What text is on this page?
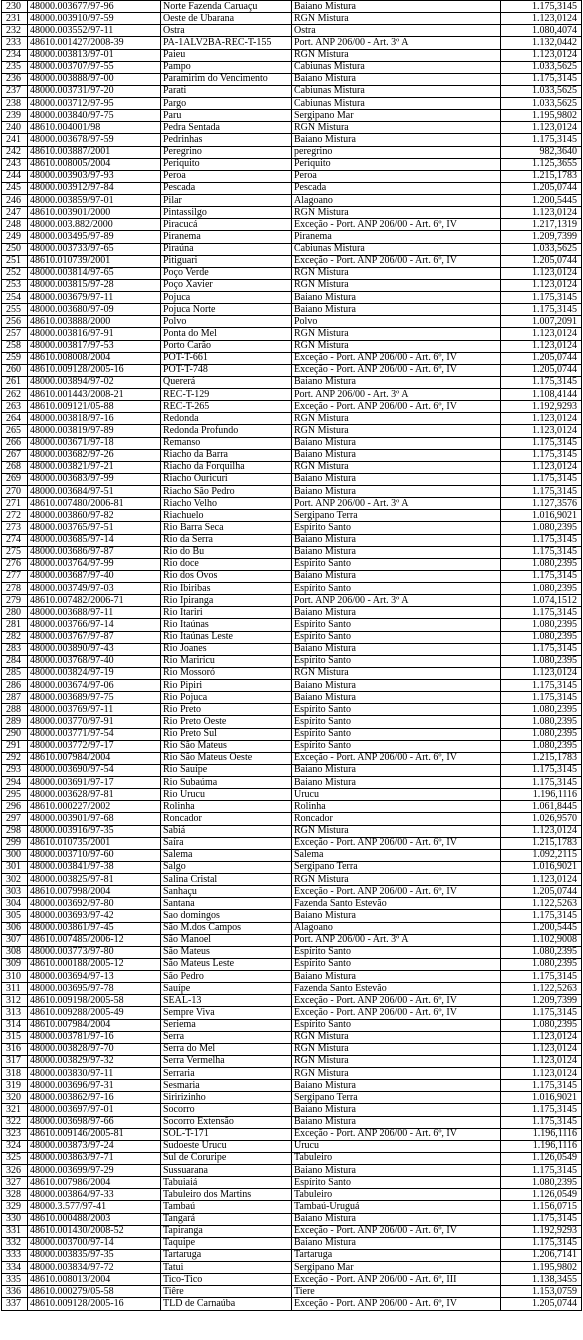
230	48000.003677/97-96	Norte Fazenda Caruaçu	Baiano Mistura	1.175,3145
231	48000.003910/97-59	Oeste de Ubarana	RGN Mistura	1.123,0124
232	48000.003552/97-11	Ostra	Ostra	1.080,4074
233	48610.001427/2008-39	PA-1ALV2BA-REC-T-155	Port. ANP 206/00 - Art. 3º A	1.132,0442
234	48000.003813/97-01	Paieu	RGN Mistura	1.123,0124
235	48000.003707/97-55	Pampo	Cabiunas Mistura	1.033,5625
236	48000.003888/97-00	Paramirim do Vencimento	Baiano Mistura	1.175,3145
237	48000.003731/97-20	Parati	Cabiunas Mistura	1.033,5625
238	48000.003712/97-95	Pargo	Cabiunas Mistura	1.033,5625
239	48000.003840/97-75	Paru	Sergipano Mar	1.195,9802
240	48610.004001/98	Pedra Sentada	RGN Mistura	1.123,0124
241	48000.003678/97-59	Pedrinhas	Baiano Mistura	1.175,3145
242	48610.003887/2001	Peregrino	peregrino	982,3640
243	48610.008005/2004	Periquito	Periquito	1.125,3655
244	48000.003903/97-93	Peroa	Peroa	1.215,1783
245	48000.003912/97-84	Pescada	Pescada	1.205,0744
246	48000.003859/97-01	Pilar	Alagoano	1.200,5445
247	48610.003901/2000	Pintassilgo	RGN Mistura	1.123,0124
248	48000.003.882/2000	Piracucá	Exceção - Port. ANP 206/00 - Art. 6º, IV	1.217,1319
249	48000.003495/97-89	Piranema	Piranema	1.209,7399
250	48000.003733/97-65	Piraúna	Cabiunas Mistura	1.033,5625
251	48610.010739/2001	Pitiguari	Exceção - Port. ANP 206/00 - Art. 6º, IV	1.205,0744
252	48000.003814/97-65	Poço Verde	RGN Mistura	1.123,0124
253	48000.003815/97-28	Poço Xavier	RGN Mistura	1.123,0124
254	48000.003679/97-11	Pojuca	Baiano Mistura	1.175,3145
255	48000.003680/97-09	Pojuca Norte	Baiano Mistura	1.175,3145
256	48610.003888/2000	Polvo	Polvo	1.007,2091
257	48000.003816/97-91	Ponta do Mel	RGN Mistura	1.123,0124
258	48000.003817/97-53	Porto Carão	RGN Mistura	1.123,0124
259	48610.008008/2004	POT-T-661	Exceção - Port. ANP 206/00 - Art. 6º, IV	1.205,0744
260	48610.009128/2005-16	POT-T-748	Exceção - Port. ANP 206/00 - Art. 6º, IV	1.205,0744
261	48000.003894/97-02	Quererá	Baiano Mistura	1.175,3145
262	48610.001443/2008-21	REC-T-129	Port. ANP 206/00 - Art. 3º A	1.108,4144
263	48610.009121/05-88	REC-T-265	Exceção - Port. ANP 206/00 - Art. 6º, IV	1.192,9293
264	48000.003818/97-16	Redonda	RGN Mistura	1.123,0124
265	48000.003819/97-89	Redonda Profundo	RGN Mistura	1.123,0124
266	48000.003671/97-18	Remanso	Baiano Mistura	1.175,3145
267	48000.003682/97-26	Riacho da Barra	Baiano Mistura	1.175,3145
268	48000.003821/97-21	Riacho da Forquilha	RGN Mistura	1.123,0124
269	48000.003683/97-99	Riacho Ouricuri	Baiano Mistura	1.175,3145
270	48000.003684/97-51	Riacho São Pedro	Baiano Mistura	1.175,3145
271	48610.007480/2006-81	Riacho Velho	Port. ANP 206/00 - Art. 3º A	1.127,3576
272	48000.003860/97-82	Riachuelo	Sergipano Terra	1.016,9021
273	48000.003765/97-51	Rio Barra Seca	Espírito Santo	1.080,2395
274	48000.003685/97-14	Rio da Serra	Baiano Mistura	1.175,3145
275	48000.003686/97-87	Rio do Bu	Baiano Mistura	1.175,3145
276	48000.003764/97-99	Rio doce	Espírito Santo	1.080,2395
277	48000.003687/97-40	Rio dos Ovos	Baiano Mistura	1.175,3145
278	48000.003749/97-03	Rio Ibiribas	Espírito Santo	1.080,2395
279	48610.007482/2006-71	Rio Ipiranga	Port. ANP 206/00 - Art. 3º A	1.074,1512
280	48000.003688/97-11	Rio Itariri	Baiano Mistura	1.175,3145
281	48000.003766/97-14	Rio Itaúnas	Espírito Santo	1.080,2395
282	48000.003767/97-87	Rio Itaúnas Leste	Espírito Santo	1.080,2395
283	48000.003890/97-43	Rio Joanes	Baiano Mistura	1.175,3145
284	48000.003768/97-40	Rio Mariricu	Espírito Santo	1.080,2395
285	48000.003824/97-19	Rio Mossoró	RGN Mistura	1.123,0124
286	48000.003674/97-06	Rio Pipiri	Baiano Mistura	1.175,3145
287	48000.003689/97-75	Rio Pojuca	Baiano Mistura	1.175,3145
288	48000.003769/97-11	Rio Preto	Espírito Santo	1.080,2395
289	48000.003770/97-91	Rio Preto Oeste	Espírito Santo	1.080,2395
290	48000.003771/97-54	Rio Preto Sul	Espírito Santo	1.080,2395
291	48000.003772/97-17	Rio São Mateus	Espírito Santo	1.080,2395
292	48610.007984/2004	Rio São Mateus Oeste	Exceção - Port. ANP 206/00 - Art. 6º, IV	1.215,1783
293	48000.003690/97-54	Rio Sauípe	Baiano Mistura	1.175,3145
294	48000.003691/97-17	Rio Subaúma	Baiano Mistura	1.175,3145
295	48000.003628/97-81	Rio Urucu	Urucu	1.196,1116
296	48610.000227/2002	Rolinha	Rolinha	1.061,8445
297	48000.003901/97-68	Roncador	Roncador	1.026,9570
298	48000.003916/97-35	Sabiá	RGN Mistura	1.123,0124
299	48610.010735/2001	Saíra	Exceção - Port. ANP 206/00 - Art. 6º, IV	1.215,1783
300	48000.003710/97-60	Salema	Salema	1.092,2115
301	48000.003841/97-38	Salgo	Sergipano Terra	1.016,9021
302	48000.003825/97-81	Salina Cristal	RGN Mistura	1.123,0124
303	48610.007998/2004	Sanhaçu	Exceção - Port. ANP 206/00 - Art. 6º, IV	1.205,0744
304	48000.003692/97-80	Santana	Fazenda Santo Estevão	1.122,5263
305	48000.003693/97-42	Sao domingos	Baiano Mistura	1.175,3145
306	48000.003861/97-45	São M.dos Campos	Alagoano	1.200,5445
307	48610.007485/2006-12	São Manoel	Port. ANP 206/00 - Art. 3º A	1.102,9008
308	48000.003773/97-80	São Mateus	Espírito Santo	1.080,2395
309	48610.000188/2005-12	São Mateus Leste	Espírito Santo	1.080,2395
310	48000.003694/97-13	São Pedro	Baiano Mistura	1.175,3145
311	48000.003695/97-78	Sauípe	Fazenda Santo Estevão	1.122,5263
312	48610.009198/2005-58	SEAL-13	Exceção - Port. ANP 206/00 - Art. 6º, IV	1.209,7399
313	48610.009288/2005-49	Sempre Viva	Exceção - Port. ANP 206/00 - Art. 6º, IV	1.175,3145
314	48610.007984/2004	Seriema	Espírito Santo	1.080,2395
315	48000.003781/97-16	Serra	RGN Mistura	1.123,0124
316	48000.003828/97-70	Serra do Mel	RGN Mistura	1.123,0124
317	48000.003829/97-32	Serra Vermelha	RGN Mistura	1.123,0124
318	48000.003830/97-11	Serraria	RGN Mistura	1.123,0124
319	48000.003696/97-31	Sesmaria	Baiano Mistura	1.175,3145
320	48000.003862/97-16	Siririzinho	Sergipano Terra	1.016,9021
321	48000.003697/97-01	Socorro	Baiano Mistura	1.175,3145
322	48000.003698/97-66	Socorro Extensão	Baiano Mistura	1.175,3145
323	48610.009146/2005-81	SOL-T-171	Exceção - Port. ANP 206/00 - Art. 6º, IV	1.196,1116
324	48000.003873/97-24	Sudoeste Urucu	Urucu	1.196,1116
325	48000.003863/97-71	Sul de Coruripe	Tabuleiro	1.126,0549
326	48000.003699/97-29	Sussuarana	Baiano Mistura	1.175,3145
327	48610.007986/2004	Tabuiaiá	Espírito Santo	1.080,2395
328	48000.003864/97-33	Tabuleiro dos Martins	Tabuleiro	1.126,0549
329	48000.3.577/97-41	Tambaú	Tambaú-Uruguá	1.156,0715
330	48610.000488/2003	Tangará	Baiano Mistura	1.175,3145
331	48610.001430/2008-52	Tapiranga	Exceção - Port. ANP 206/00 - Art. 6º, IV	1.192,9293
332	48000.003700/97-14	Taquipe	Baiano Mistura	1.175,3145
333	48000.003835/97-35	Tartaruga	Tartaruga	1.206,7141
334	48000.003834/97-72	Tatui	Sergipano Mar	1.195,9802
335	48610.008013/2004	Tico-Tico	Exceção - Port. ANP 206/00 - Art. 6º, III	1.138,3455
336	48610.000279/05-58	Tiêre	Tiere	1.153,0759
337	48610.009128/2005-16	TLD de Carnaúba	Exceção - Port. ANP 206/00 - Art. 6º, IV	1.205,0744
